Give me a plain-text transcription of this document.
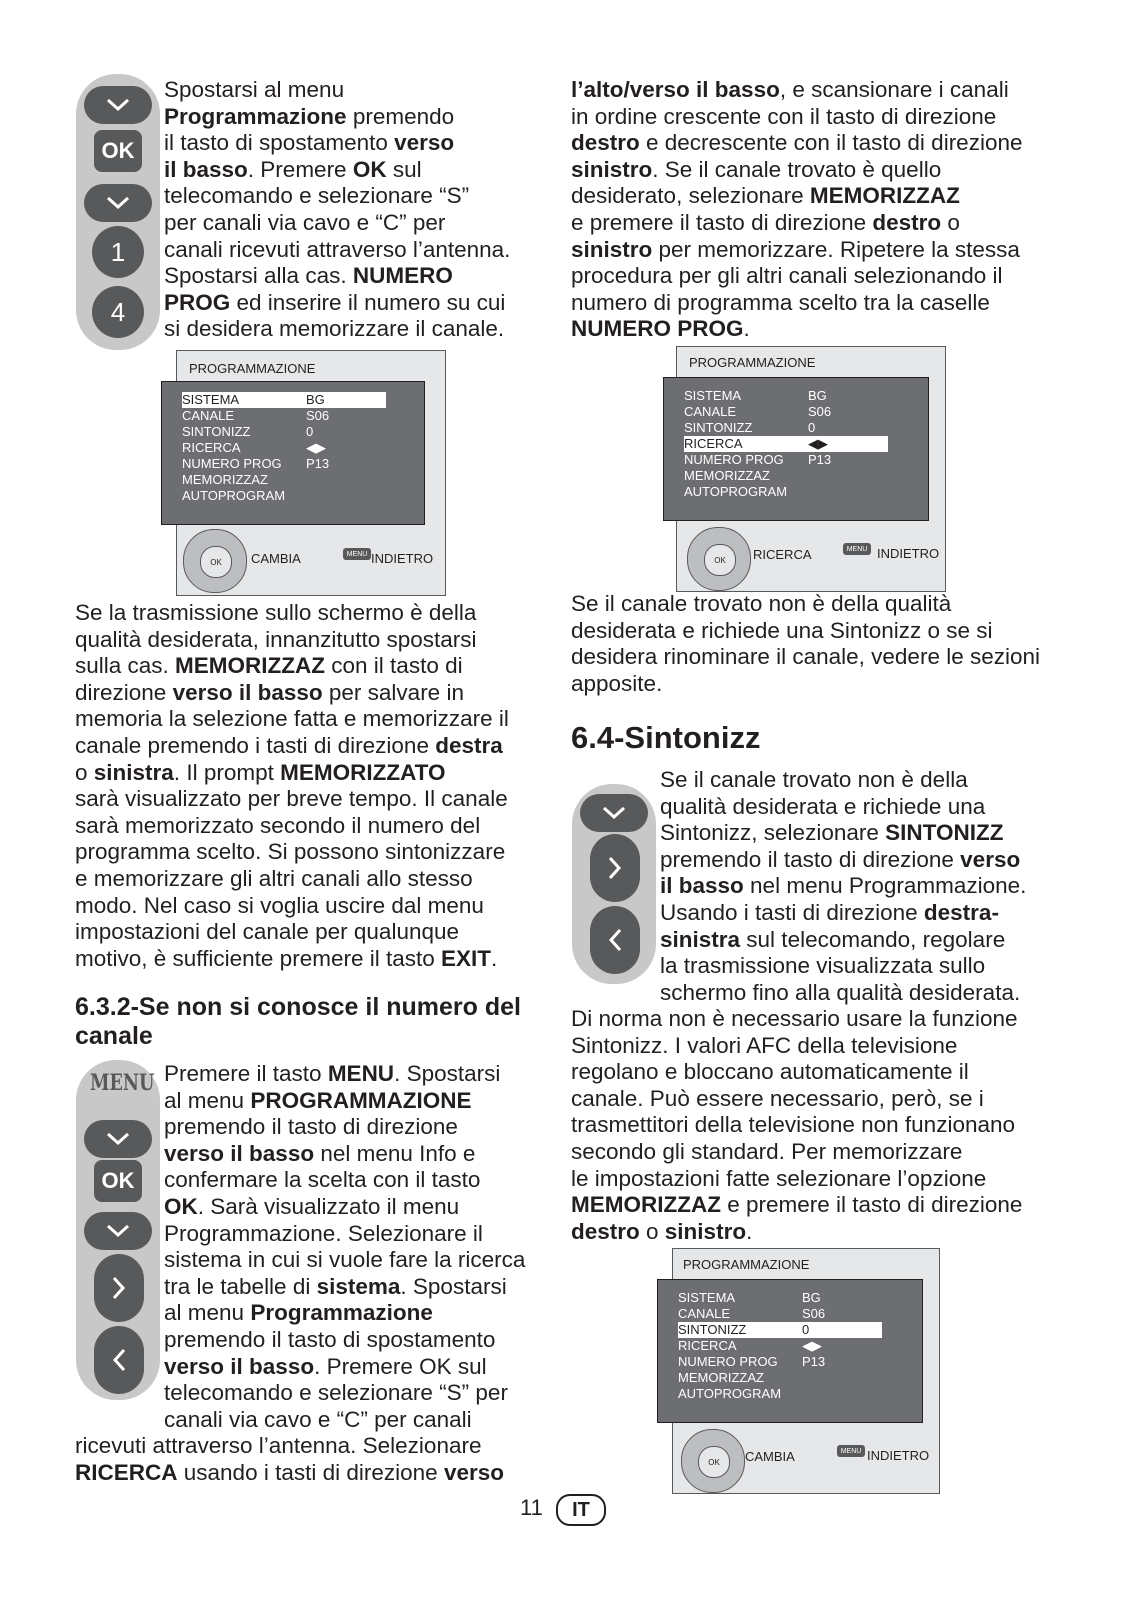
OK
1
4
Spostarsi al menu
Programmazione premendo
il tasto di spostamento verso
il basso. Premere OK sul
telecomando e selezionare “S”
per canali via cavo e “C” per
canali ricevuti attraverso l’antenna.
Spostarsi alla cas. NUMERO
PROG ed inserire il numero su cui
si desidera memorizzare il canale.
PROGRAMMAZIONE
SISTEMA	BG
CANALE	S06
SINTONIZZ	0
RICERCA	◀▶
NUMERO PROG P13
MEMORIZZAZ
AUTOPROGRAM
OK	CAMBIA	MENU INDIETRO
Se la trasmissione sullo schermo è della
qualità desiderata, innanzitutto spostarsi
sulla cas. MEMORIZZAZ con il tasto di
direzione verso il basso per salvare in
memoria la selezione fatta e memorizzare il
canale premendo i tasti di direzione destra
o sinistra. Il prompt MEMORIZZATO
sarà visualizzato per breve tempo. Il canale
sarà memorizzato secondo il numero del
programma scelto. Si possono sintonizzare
e memorizzare gli altri canali allo stesso
modo. Nel caso si voglia uscire dal menu
impostazioni del canale per qualunque
motivo, è sufficiente premere il tasto EXIT.
6.3.2-Se non si conosce il numero del canale
MENU
OK
Premere il tasto MENU. Spostarsi
al menu PROGRAMMAZIONE
premendo il tasto di direzione
verso il basso nel menu Info e
confermare la scelta con il tasto
OK. Sarà visualizzato il menu
Programmazione. Selezionare il
sistema in cui si vuole fare la ricerca
tra le tabelle di sistema. Spostarsi
al menu Programmazione
premendo il tasto di spostamento
verso il basso. Premere OK sul
telecomando e selezionare “S” per
canali via cavo e “C” per canali
ricevuti attraverso l’antenna. Selezionare
RICERCA usando i tasti di direzione verso
l’alto/verso il basso, e scansionare i canali
in ordine crescente con il tasto di direzione
destro e decrescente con il tasto di direzione
sinistro. Se il canale trovato è quello
desiderato, selezionare MEMORIZZAZ
e premere il tasto di direzione destro o
sinistro per memorizzare. Ripetere la stessa
procedura per gli altri canali selezionando il
numero di programma scelto tra la caselle
NUMERO PROG.
PROGRAMMAZIONE
SISTEMA	BG
CANALE	S06
SINTONIZZ	0
RICERCA	◀▶
NUMERO PROG P13
MEMORIZZAZ
AUTOPROGRAM
OK	RICERCA	MENU INDIETRO
Se il canale trovato non è della qualità
desiderata e richiede una Sintonizz o se si
desidera rinominare il canale, vedere le sezioni
apposite.
6.4-Sintonizz
Se il canale trovato non è della
qualità desiderata e richiede una
Sintonizz, selezionare SINTONIZZ
premendo il tasto di direzione verso
il basso nel menu Programmazione.
Usando i tasti di direzione destra-
sinistra sul telecomando, regolare
la trasmissione visualizzata sullo
schermo fino alla qualità desiderata.
Di norma non è necessario usare la funzione
Sintonizz. I valori AFC della televisione
regolano e bloccano automaticamente il
canale. Può essere necessario, però, se i
trasmettitori della televisione non funzionano
secondo gli standard. Per memorizzare
le impostazioni fatte selezionare l’opzione
MEMORIZZAZ e premere il tasto di direzione
destro o sinistro.
PROGRAMMAZIONE
SISTEMA	BG
CANALE	S06
SINTONIZZ	0
RICERCA	◀▶
NUMERO PROG P13
MEMORIZZAZ
AUTOPROGRAM
OK	CAMBIA	MENU INDIETRO
11	IT
